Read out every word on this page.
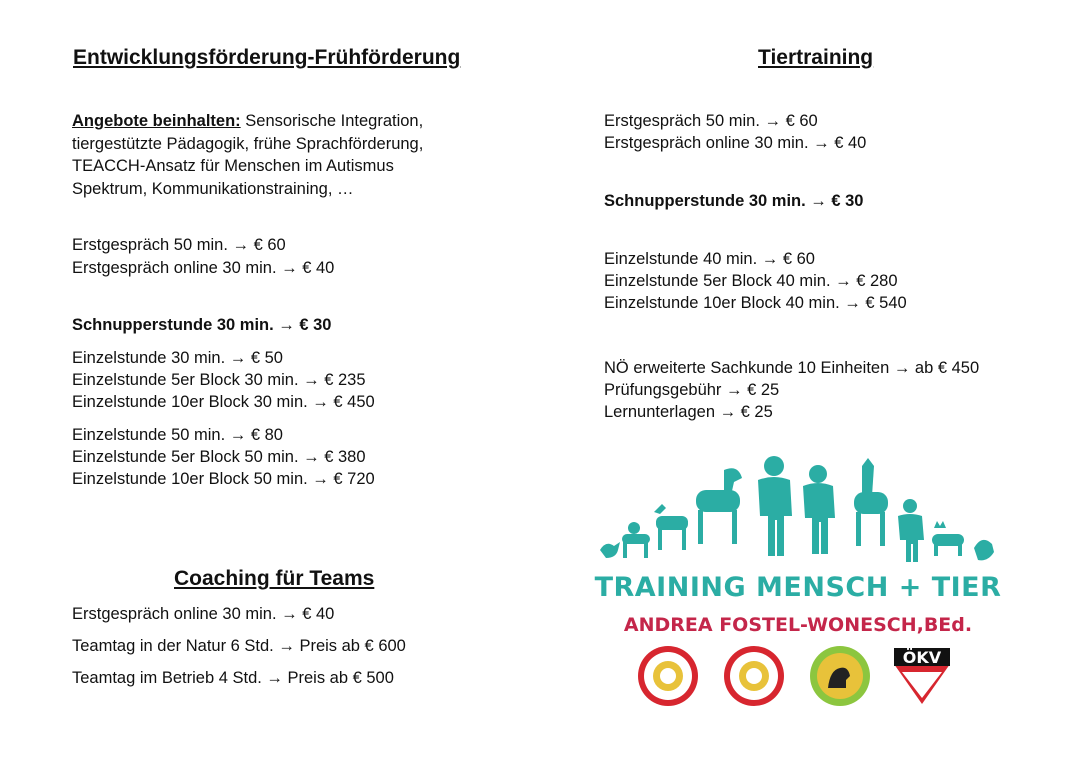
Entwicklungsförderung-Frühförderung
Angebote beinhalten: Sensorische Integration,
tiergestützte Pädagogik, frühe Sprachförderung,
TEACCH-Ansatz für Menschen im Autismus
Spektrum, Kommunikationstraining, …
Erstgespräch 50 min. → € 60
Erstgespräch online 30 min. → € 40
Schnupperstunde 30 min. → € 30
Einzelstunde 30 min. → € 50
Einzelstunde 5er Block 30 min. → € 235
Einzelstunde 10er Block 30 min. → € 450
Einzelstunde 50 min. → € 80
Einzelstunde 5er Block 50 min. → € 380
Einzelstunde 10er Block 50 min. → € 720
Coaching für Teams
Erstgespräch online 30 min. → € 40
Teamtag in der Natur 6 Std. → Preis ab € 600
Teamtag im Betrieb 4 Std. → Preis ab € 500
Tiertraining
Erstgespräch 50 min. → € 60
Erstgespräch online 30 min. → € 40
Schnupperstunde 30 min. → € 30
Einzelstunde 40 min. → € 60
Einzelstunde 5er Block 40 min. → € 280
Einzelstunde 10er Block 40 min. → € 540
NÖ erweiterte Sachkunde 10 Einheiten → ab € 450
Prüfungsgebühr → € 25
Lernunterlagen → € 25
TRAINING MENSCH + TIER
ANDREA FOSTEL-WONESCH,BEd.
ÖKV
